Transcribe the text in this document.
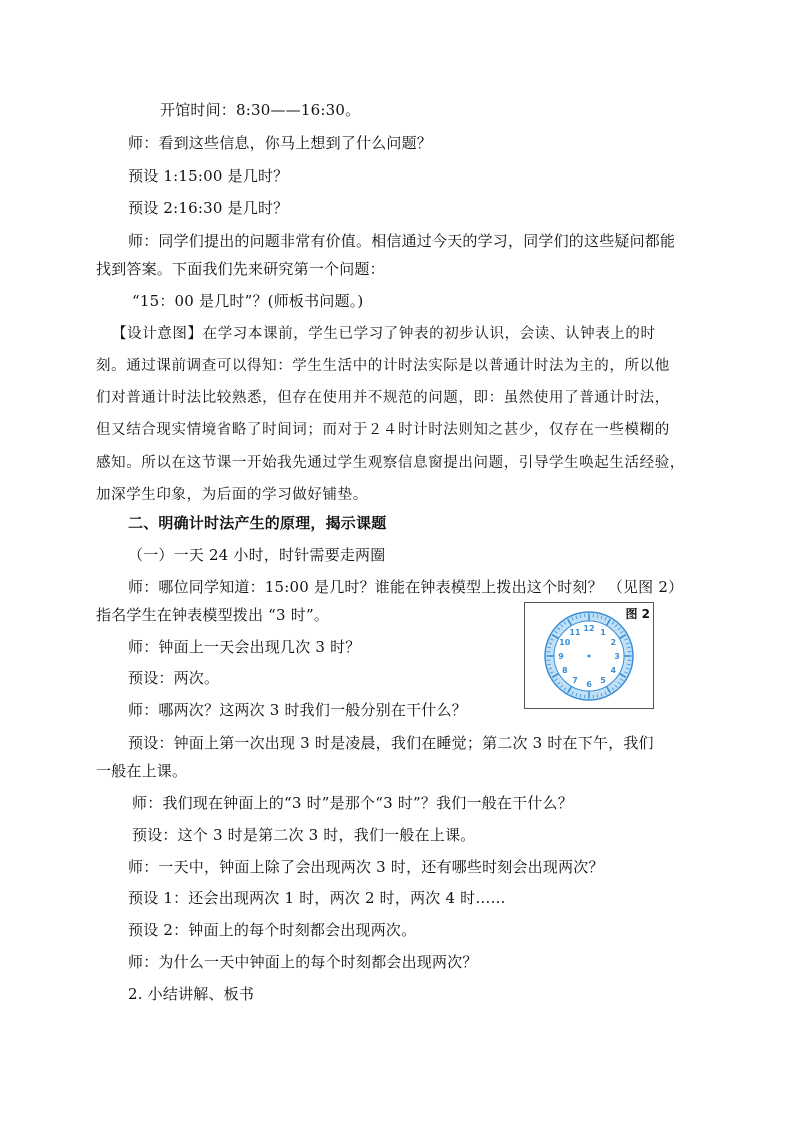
开馆时间：8:30——16:30。
师：看到这些信息，你马上想到了什么问题？
预设 1:15:00 是几时？
预设 2:16:30 是几时？
师：同学们提出的问题非常有价值。相信通过今天的学习，同学们的这些疑问都能
找到答案。下面我们先来研究第一个问题：
“15：00 是几时”？(师板书问题。)
【设计意图】在学习本课前，学生已学习了钟表的初步认识，会读、认钟表上的时
刻。通过课前调查可以得知：学生生活中的计时法实际是以普通计时法为主的，所以他
们对普通计时法比较熟悉，但存在使用并不规范的问题，即：虽然使用了普通计时法，
但又结合现实情境省略了时间词；而对于２４时计时法则知之甚少，仅存在一些模糊的
感知。所以在这节课一开始我先通过学生观察信息窗提出问题，引导学生唤起生活经验，
加深学生印象，为后面的学习做好铺垫。
二、明确计时法产生的原理，揭示课题
（一）一天 24 小时，时针需要走两圈
师：哪位同学知道：15:00 是几时？谁能在钟表模型上拨出这个时刻？ （见图 2）
指名学生在钟表模型拨出 “3 时”。
师：钟面上一天会出现几次 3 时？
预设：两次。
师：哪两次？这两次 3 时我们一般分别在干什么？
预设：钟面上第一次出现 3 时是凌晨，我们在睡觉；第二次 3 时在下午，我们
一般在上课。
师：我们现在钟面上的“3 时”是那个“3 时”？我们一般在干什么？
预设：这个 3 时是第二次 3 时，我们一般在上课。
师：一天中，钟面上除了会出现两次 3 时，还有哪些时刻会出现两次？
预设 1：还会出现两次 1 时，两次 2 时，两次 4 时……
预设 2：钟面上的每个时刻都会出现两次。
师：为什么一天中钟面上的每个时刻都会出现两次？
2. 小结讲解、板书
12 1
2
3
4
5
6
7
8
9
10
11
图 2
